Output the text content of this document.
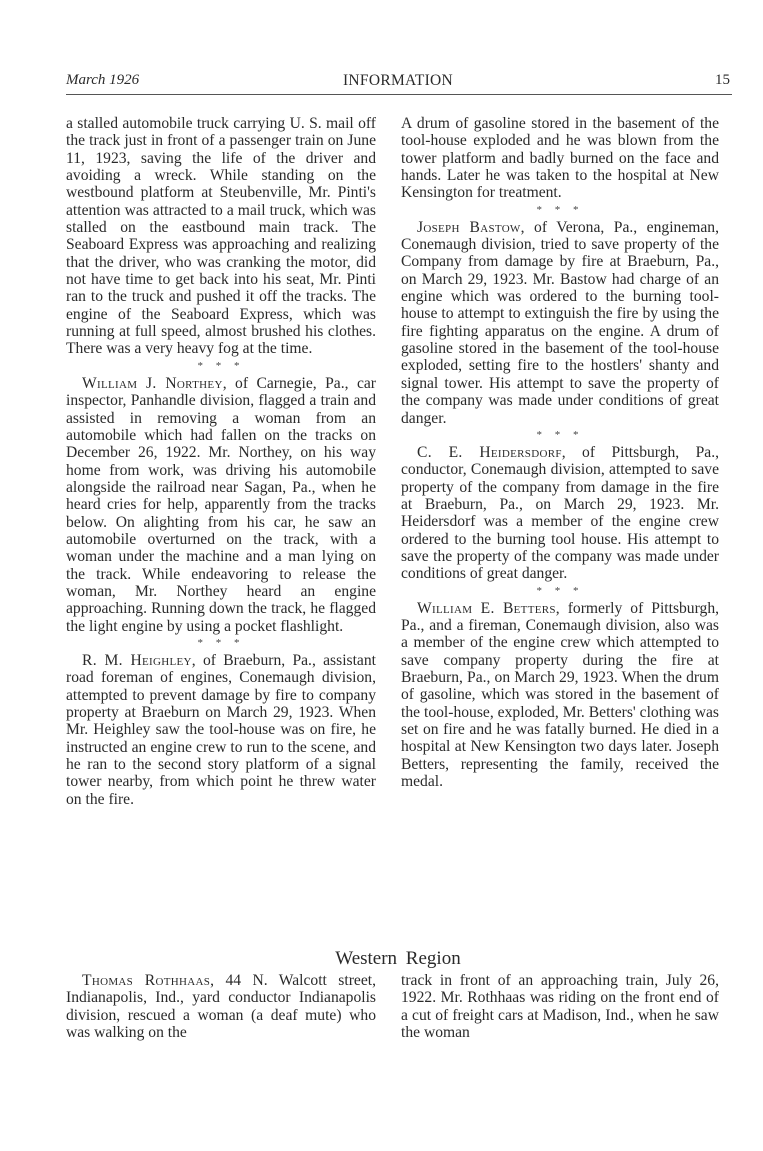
March 1926	INFORMATION	15

a stalled automobile truck carrying U. S. mail off the track just in front of a passenger train on June 11, 1923, saving the life of the driver and avoiding a wreck. While standing on the westbound platform at Steubenville, Mr. Pinti's attention was attracted to a mail truck, which was stalled on the eastbound main track. The Seaboard Express was approaching and realizing that the driver, who was cranking the motor, did not have time to get back into his seat, Mr. Pinti ran to the truck and pushed it off the tracks. The engine of the Seaboard Express, which was running at full speed, almost brushed his clothes. There was a very heavy fog at the time.

* * *

William J. Northey, of Carnegie, Pa., car inspector, Panhandle division, flagged a train and assisted in removing a woman from an automobile which had fallen on the tracks on December 26, 1922. Mr. Northey, on his way home from work, was driving his automobile alongside the railroad near Sagan, Pa., when he heard cries for help, apparently from the tracks below. On alighting from his car, he saw an automobile overturned on the track, with a woman under the machine and a man lying on the track. While endeavoring to release the woman, Mr. Northey heard an engine approaching. Running down the track, he flagged the light engine by using a pocket flashlight.

* * *

R. M. Heighley, of Braeburn, Pa., assistant road foreman of engines, Conemaugh division, attempted to prevent damage by fire to company property at Braeburn on March 29, 1923. When Mr. Heighley saw the tool-house was on fire, he instructed an engine crew to run to the scene, and he ran to the second story platform of a signal tower nearby, from which point he threw water on the fire.

A drum of gasoline stored in the basement of the tool-house exploded and he was blown from the tower platform and badly burned on the face and hands. Later he was taken to the hospital at New Kensington for treatment.

* * *

Joseph Bastow, of Verona, Pa., engineman, Conemaugh division, tried to save property of the Company from damage by fire at Braeburn, Pa., on March 29, 1923. Mr. Bastow had charge of an engine which was ordered to the burning tool-house to attempt to extinguish the fire by using the fire fighting apparatus on the engine. A drum of gasoline stored in the basement of the tool-house exploded, setting fire to the hostlers' shanty and signal tower. His attempt to save the property of the company was made under conditions of great danger.

* * *

C. E. Heidersdorf, of Pittsburgh, Pa., conductor, Conemaugh division, attempted to save property of the company from damage in the fire at Braeburn, Pa., on March 29, 1923. Mr. Heidersdorf was a member of the engine crew ordered to the burning tool house. His attempt to save the property of the company was made under conditions of great danger.

* * *

William E. Betters, formerly of Pittsburgh, Pa., and a fireman, Conemaugh division, also was a member of the engine crew which attempted to save company property during the fire at Braeburn, Pa., on March 29, 1923. When the drum of gasoline, which was stored in the basement of the tool-house, exploded, Mr. Betters' clothing was set on fire and he was fatally burned. He died in a hospital at New Kensington two days later. Joseph Betters, representing the family, received the medal.

Western Region

Thomas Rothhaas, 44 N. Walcott street, Indianapolis, Ind., yard conductor Indianapolis division, rescued a woman (a deaf mute) who was walking on the

track in front of an approaching train, July 26, 1922. Mr. Rothhaas was riding on the front end of a cut of freight cars at Madison, Ind., when he saw the woman
